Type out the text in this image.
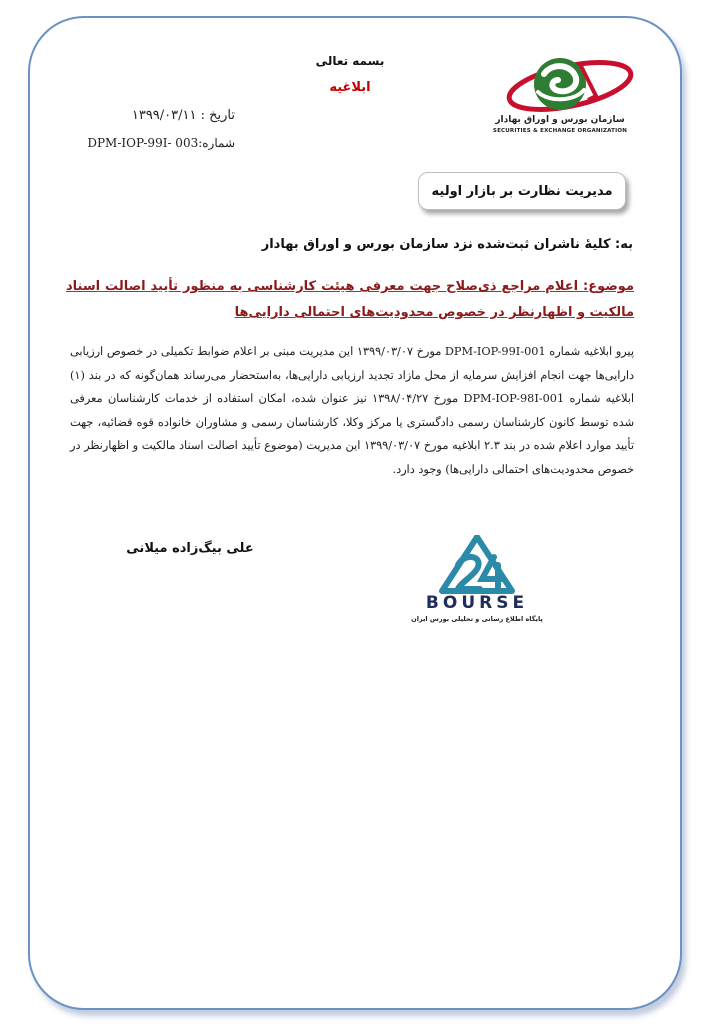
بسمه تعالی
ابلاغیه
سازمان بورس و اوراق بهادار
SECURITIES & EXCHANGE ORGANIZATION
تاریخ : ۱۳۹۹/۰۳/۱۱
شماره:DPM-IOP-99I- 003
مدیریت نظارت بر بازار اولیه
به: کلیهٔ ناشران ثبت‌شده نزد سازمان بورس و اوراق بهادار
موضوع: اعلام مراجع ذی‌صلاح جهت معرفی هیئت کارشناسی به منظور تأیید اصالت اسناد مالکیت و اظهارنظر در خصوص محدودیت‌های احتمالی دارایی‌ها
پیرو ابلاغیه شماره DPM-IOP-99I-001 مورخ ۱۳۹۹/۰۳/۰۷ این مدیریت مبنی بر اعلام ضوابط تکمیلی در خصوص ارزیابی دارایی‌ها جهت انجام افزایش سرمایه از محل مازاد تجدید ارزیابی دارایی‌ها، به‌استحضار می‌رساند همان‌گونه که در بند (۱) ابلاغیه شماره DPM-IOP-98I-001 مورخ ۱۳۹۸/۰۴/۲۷ نیز عنوان شده، امکان استفاده از خدمات کارشناسان معرفی شده توسط کانون کارشناسان رسمی دادگستری یا مرکز وکلا، کارشناسان رسمی و مشاوران خانواده قوه قضائیه، جهت تأیید موارد اعلام شده در بند ۲.۳ ابلاغیه مورخ ۱۳۹۹/۰۳/۰۷ این مدیریت (موضوع تأیید اصالت اسناد مالکیت و اظهارنظر در خصوص محدودیت‌های احتمالی دارایی‌ها) وجود دارد.
علی بیگ‌زاده میلانی
BOURSE
پایگاه اطلاع رسانی و تحلیلی بورس ایران
